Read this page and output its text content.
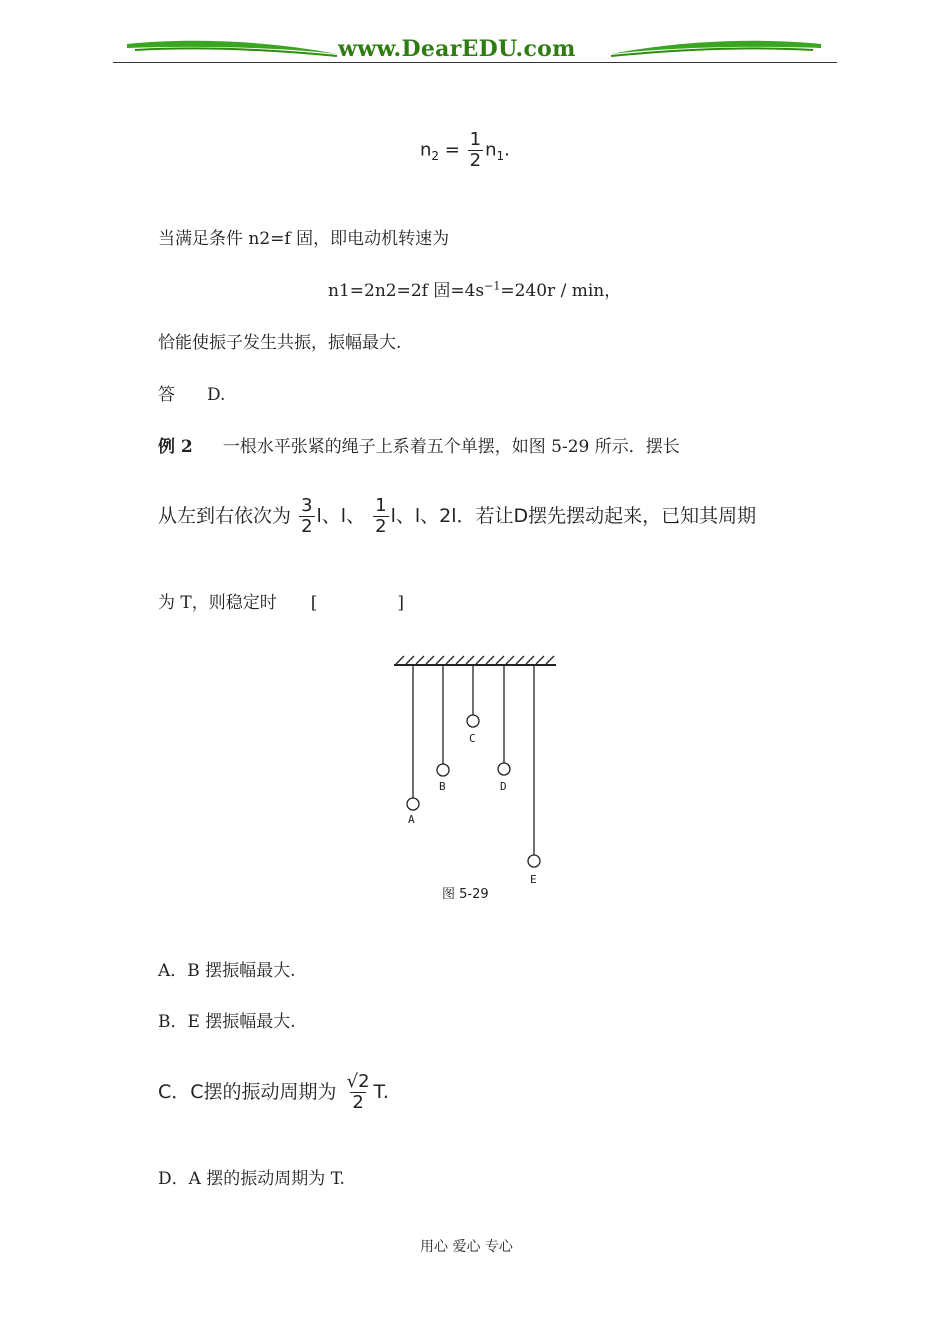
www.DearEDU.com
$n_2 = \frac{1}{2} n_1$.
当满足条件 n2=f 固，即电动机转速为
n1=2n2=2f 固$=4s^{-1}=240r / \min$，
恰能使振子发生共振，振幅最大.
答 D.
例 2 一根水平张紧的绳子上系着五个单摆，如图 5-29 所示．摆长
从左到右依次为 $\frac{3}{2}$ l、l、 $\frac{1}{2}$ l、l、2l．若让D摆先摆动起来，已知其周期
为 T，则稳定时 [	]
A
B
C
D
E
图 5-29
A．B 摆振幅最大.
B．E 摆振幅最大.
C．C摆的振动周期为 $\frac{√2}{2} T$.
D．A 摆的振动周期为 T.
用心 爱心 专心
